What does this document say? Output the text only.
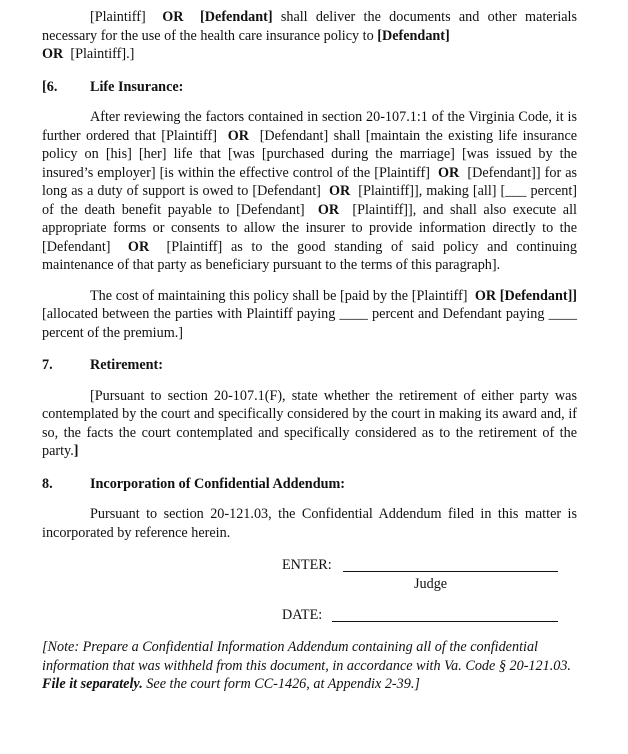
[Plaintiff] OR [Defendant] shall deliver the documents and other materials necessary for the use of the health care insurance policy to [Defendant]
OR [Plaintiff].]

[6.	Life Insurance:

After reviewing the factors contained in section 20-107.1:1 of the Virginia Code, it is further ordered that [Plaintiff] OR [Defendant] shall [maintain the existing life insurance policy on [his] [her] life that [was [purchased during the marriage] [was issued by the insured’s employer] [is within the effective control of the [Plaintiff] OR [Defendant]] for as long as a duty of support is owed to [Defendant] OR [Plaintiff]], making [all] [___ percent] of the death benefit payable to [Defendant] OR [Plaintiff]], and shall also execute all appropriate forms or consents to allow the insurer to provide information directly to the [Defendant] OR [Plaintiff] as to the good standing of said policy and continuing maintenance of that party as beneficiary pursuant to the terms of this paragraph].

The cost of maintaining this policy shall be [paid by the [Plaintiff] OR [Defendant]] [allocated between the parties with Plaintiff paying ____ percent and Defendant paying ____ percent of the premium.]

7.	Retirement:

[Pursuant to section 20-107.1(F), state whether the retirement of either party was contemplated by the court and specifically considered by the court in making its award and, if so, the facts the court contemplated and specifically considered as to the retirement of the party.]

8.	Incorporation of Confidential Addendum:

Pursuant to section 20-121.03, the Confidential Addendum filed in this matter is incorporated by reference herein.

ENTER:
Judge
DATE:

[Note: Prepare a Confidential Information Addendum containing all of the confidential information that was withheld from this document, in accordance with Va. Code § 20-121.03. File it separately. See the court form CC-1426, at Appendix 2-39.]
